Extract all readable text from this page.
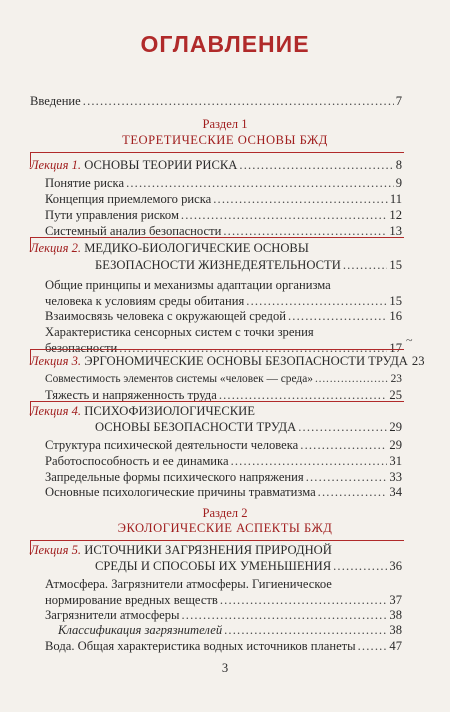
ОГЛАВЛЕНИЕ
Введение . . .	7
Раздел 1
ТЕОРЕТИЧЕСКИЕ ОСНОВЫ БЖД
Лекция 1. ОСНОВЫ ТЕОРИИ РИСКА . . .	8
Понятие риска . . .	9
Концепция приемлемого риска . . .	11
Пути управления риском . . .	12
Системный анализ безопасности . . .	13
Лекция 2. МЕДИКО-БИОЛОГИЧЕСКИЕ ОСНОВЫ
БЕЗОПАСНОСТИ ЖИЗНЕДЕЯТЕЛЬНОСТИ . . .	15
Общие принципы и механизмы адаптации организма
человека к условиям среды обитания . . .	15
Взаимосвязь человека с окружающей средой . . .	16
Характеристика сенсорных систем с точки зрения
безопасности . . .	17
~
Лекция 3. ЭРГОНОМИЧЕСКИЕ ОСНОВЫ БЕЗОПАСНОСТИ ТРУДА 23
Совместимость элементов системы «человек — среда» . . .	23
Тяжесть и напряженность труда . . .	25
Лекция 4. ПСИХОФИЗИОЛОГИЧЕСКИЕ
ОСНОВЫ БЕЗОПАСНОСТИ ТРУДА . . .	29
Структура психической деятельности человека . . .	29
Работоспособность и ее динамика . . .	31
Запредельные формы психического напряжения . . .	33
Основные психологические причины травматизма . . .	34
Раздел 2
ЭКОЛОГИЧЕСКИЕ АСПЕКТЫ БЖД
Лекция 5. ИСТОЧНИКИ ЗАГРЯЗНЕНИЯ ПРИРОДНОЙ
СРЕДЫ И СПОСОБЫ ИХ УМЕНЬШЕНИЯ . . .	36
Атмосфера. Загрязнители атмосферы. Гигиеническое
нормирование вредных веществ . . .	37
Загрязнители атмосферы . . .	38
Классификация загрязнителей . . .	38
Вода. Общая характеристика водных источников планеты . . .	47
3
